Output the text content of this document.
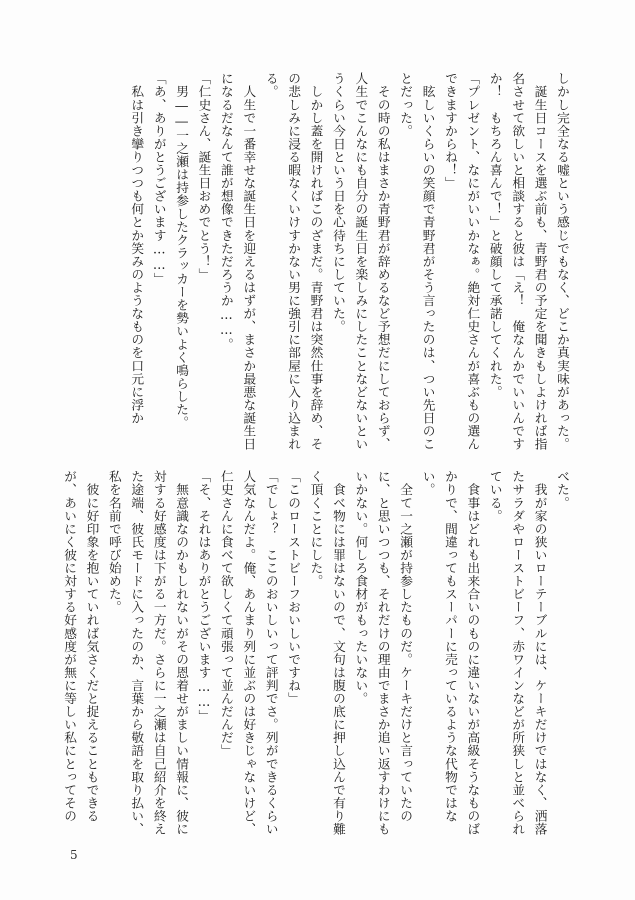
しかし完全なる嘘という感じでもなく、どこか真実味があった。

　誕生日コースを選ぶ前も、青野君の予定を聞きもしよければ指名させて欲しいと相談すると彼は「え！　俺なんかでいいんですか！　もちろん喜んで！」と破顔して承諾してくれた。

「プレゼント、なにがいいかなぁ。絶対仁史さんが喜ぶもの選んできますからね！」

　眩しいくらいの笑顔で青野君がそう言ったのは、つい先日のことだった。

　その時の私はまさか青野君が辞めるなど予想だにしておらず、人生でこんなにも自分の誕生日を楽しみにしたことなどないというくらい今日という日を心待ちにしていた。

　しかし蓋を開ければこのざまだ。青野君は突然仕事を辞め、その悲しみに浸る暇なくいけすかない男に強引に部屋に入り込まれる。

　人生で一番幸せな誕生日を迎えるはずが、まさか最悪な誕生日になるだなんて誰が想像できただろうか……。

「仁史さん、誕生日おめでとう！」

　男――一之瀬は持参したクラッカーを勢いよく鳴らした。

「あ、ありがとうございます……」

　私は引き攣りつつも何とか笑みのようなものを口元に浮か

べた。

　我が家の狭いローテーブルには、ケーキだけではなく、洒落たサラダやローストビーフ、赤ワインなどが所狭しと並べられている。

　食事はどれも出来合いのものに違いないが高級そうなものばかりで、間違ってもスーパーに売っているような代物ではない。

　全て一之瀬が持参したものだ。ケーキだけと言っていたのに、と思いつつも、それだけの理由でまさか追い返すわけにもいかない。何しろ食材がもったいない。

　食べ物には罪はないので、文句は腹の底に押し込んで有り難く頂くことにした。

「このローストビーフおいしいですね」

「でしょ？　ここのおいしいって評判でさ。列ができるくらい人気なんだよ。俺、あんまり列に並ぶのは好きじゃないけど、仁史さんに食べて欲しくて頑張って並んだんだ」

「そ、それはありがとうございます……」

　無意識なのかもしれないがその恩着せがましい情報に、彼に対する好感度は下がる一方だ。さらに一之瀬は自己紹介を終えた途端、彼氏モードに入ったのか、言葉から敬語を取り払い、私を名前で呼び始めた。

　彼に好印象を抱いていれば気さくだと捉えることもできるが、あいにく彼に対する好感度が無に等しい私にとってその

5
